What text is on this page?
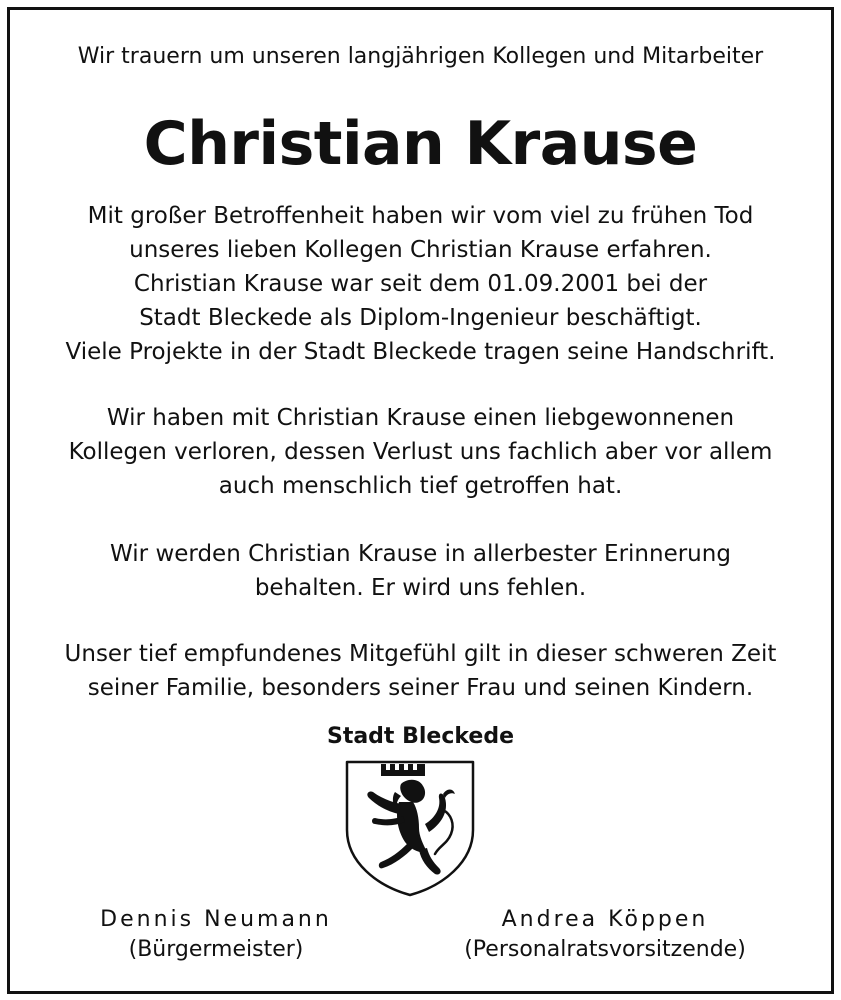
Wir trauern um unseren langjährigen Kollegen und Mitarbeiter
Christian Krause

Mit großer Betroffenheit haben wir vom viel zu frühen Tod

unseres lieben Kollegen Christian Krause erfahren.

Christian Krause war seit dem 01.09.2001 bei der

Stadt Bleckede als Diplom-Ingenieur beschäftigt.

Viele Projekte in der Stadt Bleckede tragen seine Handschrift.

Wir haben mit Christian Krause einen liebgewonnenen

Kollegen verloren, dessen Verlust uns fachlich aber vor allem

auch menschlich tief getroffen hat.

Wir werden Christian Krause in allerbester Erinnerung

behalten. Er wird uns fehlen.

Unser tief empfundenes Mitgefühl gilt in dieser schweren Zeit

seiner Familie, besonders seiner Frau und seinen Kindern.

Stadt Bleckede
Dennis Neumann
(Bürgermeister)
Andrea Köppen
(Personalratsvorsitzende)
